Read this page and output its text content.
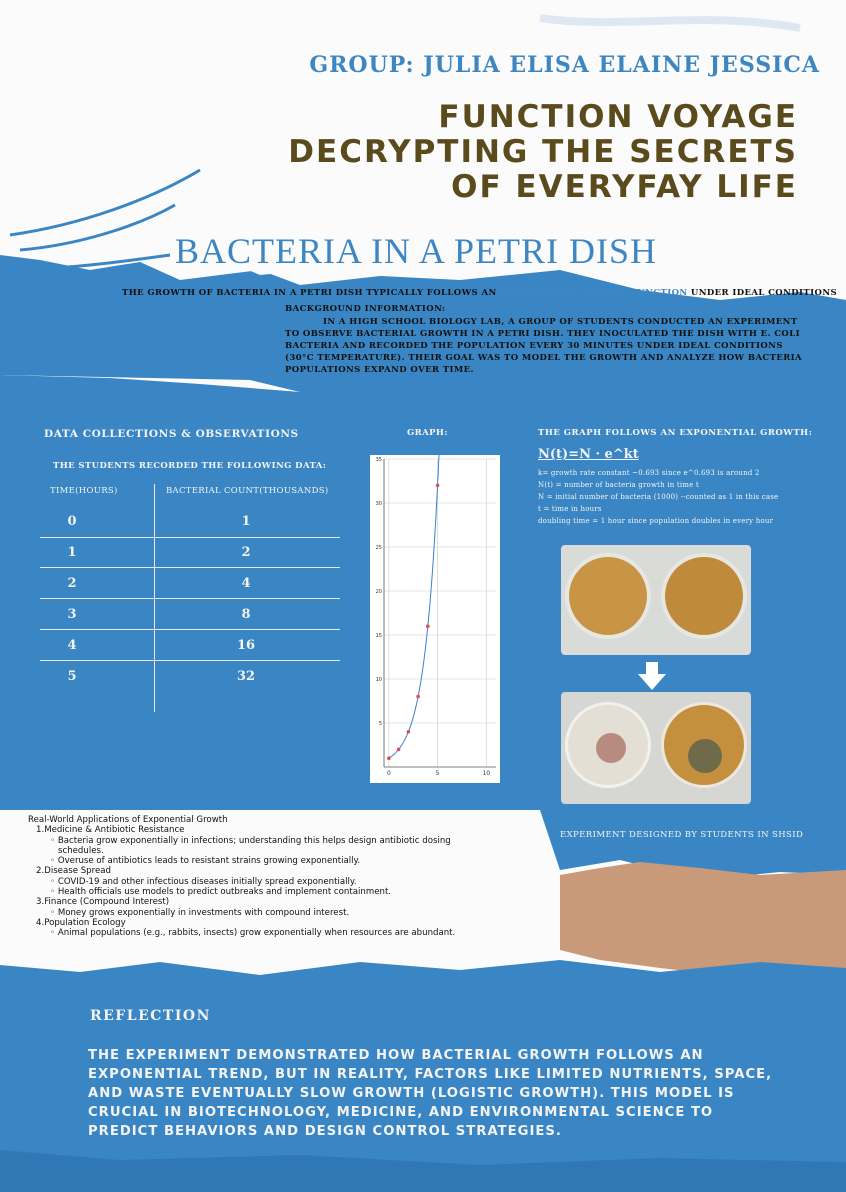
GROUP: JULIA ELISA ELAINE JESSICA
FUNCTION VOYAGE
DECRYPTING THE SECRETS
OF EVERYFAY LIFE
BACTERIA IN A PETRI DISH
THE GROWTH OF BACTERIA IN A PETRI DISH TYPICALLY FOLLOWS AN EXPONENTIAL GROWTH FUNCTION UNDER IDEAL CONDITIONS
BACKGROUND INFORMATION:
IN A HIGH SCHOOL BIOLOGY LAB, A GROUP OF STUDENTS CONDUCTED AN EXPERIMENT TO OBSERVE BACTERIAL GROWTH IN A PETRI DISH. THEY INOCULATED THE DISH WITH E. COLI BACTERIA AND RECORDED THE POPULATION EVERY 30 MINUTES UNDER IDEAL CONDITIONS (30°C TEMPERATURE). THEIR GOAL WAS TO MODEL THE GROWTH AND ANALYZE HOW BACTERIA POPULATIONS EXPAND OVER TIME.
DATA COLLECTIONS & OBSERVATIONS
THE STUDENTS RECORDED THE FOLLOWING DATA:
TIME(HOURS)	BACTERIAL COUNT(THOUSANDS)
0	1
1	2
2	4
3	8
4	16
5	32
GRAPH:
5
10
15
20
25
30
35
0	5	10
THE GRAPH FOLLOWS AN EXPONENTIAL GROWTH:
N(t)=N · e^kt
k= growth rate constant ~0.693 since e^0.693 is around 2
N(t) = number of bacteria growth in time t
N = initial number of bacteria (1000) --counted as 1 in this case
t = time in hours
doubling time = 1 hour since population doubles in every hour
EXPERIMENT DESIGNED BY STUDENTS IN SHSID
Real-World Applications of Exponential Growth
1.Medicine & Antibiotic Resistance
◦ Bacteria grow exponentially in infections; understanding this helps design antibiotic dosing
schedules.
◦ Overuse of antibiotics leads to resistant strains growing exponentially.
2.Disease Spread
◦ COVID-19 and other infectious diseases initially spread exponentially.
◦ Health officials use models to predict outbreaks and implement containment.
3.Finance (Compound Interest)
◦ Money grows exponentially in investments with compound interest.
4.Population Ecology
◦ Animal populations (e.g., rabbits, insects) grow exponentially when resources are abundant.
REFLECTION
THE EXPERIMENT DEMONSTRATED HOW BACTERIAL GROWTH FOLLOWS AN EXPONENTIAL TREND, BUT IN REALITY, FACTORS LIKE LIMITED NUTRIENTS, SPACE, AND WASTE EVENTUALLY SLOW GROWTH (LOGISTIC GROWTH). THIS MODEL IS CRUCIAL IN BIOTECHNOLOGY, MEDICINE, AND ENVIRONMENTAL SCIENCE TO PREDICT BEHAVIORS AND DESIGN CONTROL STRATEGIES.
